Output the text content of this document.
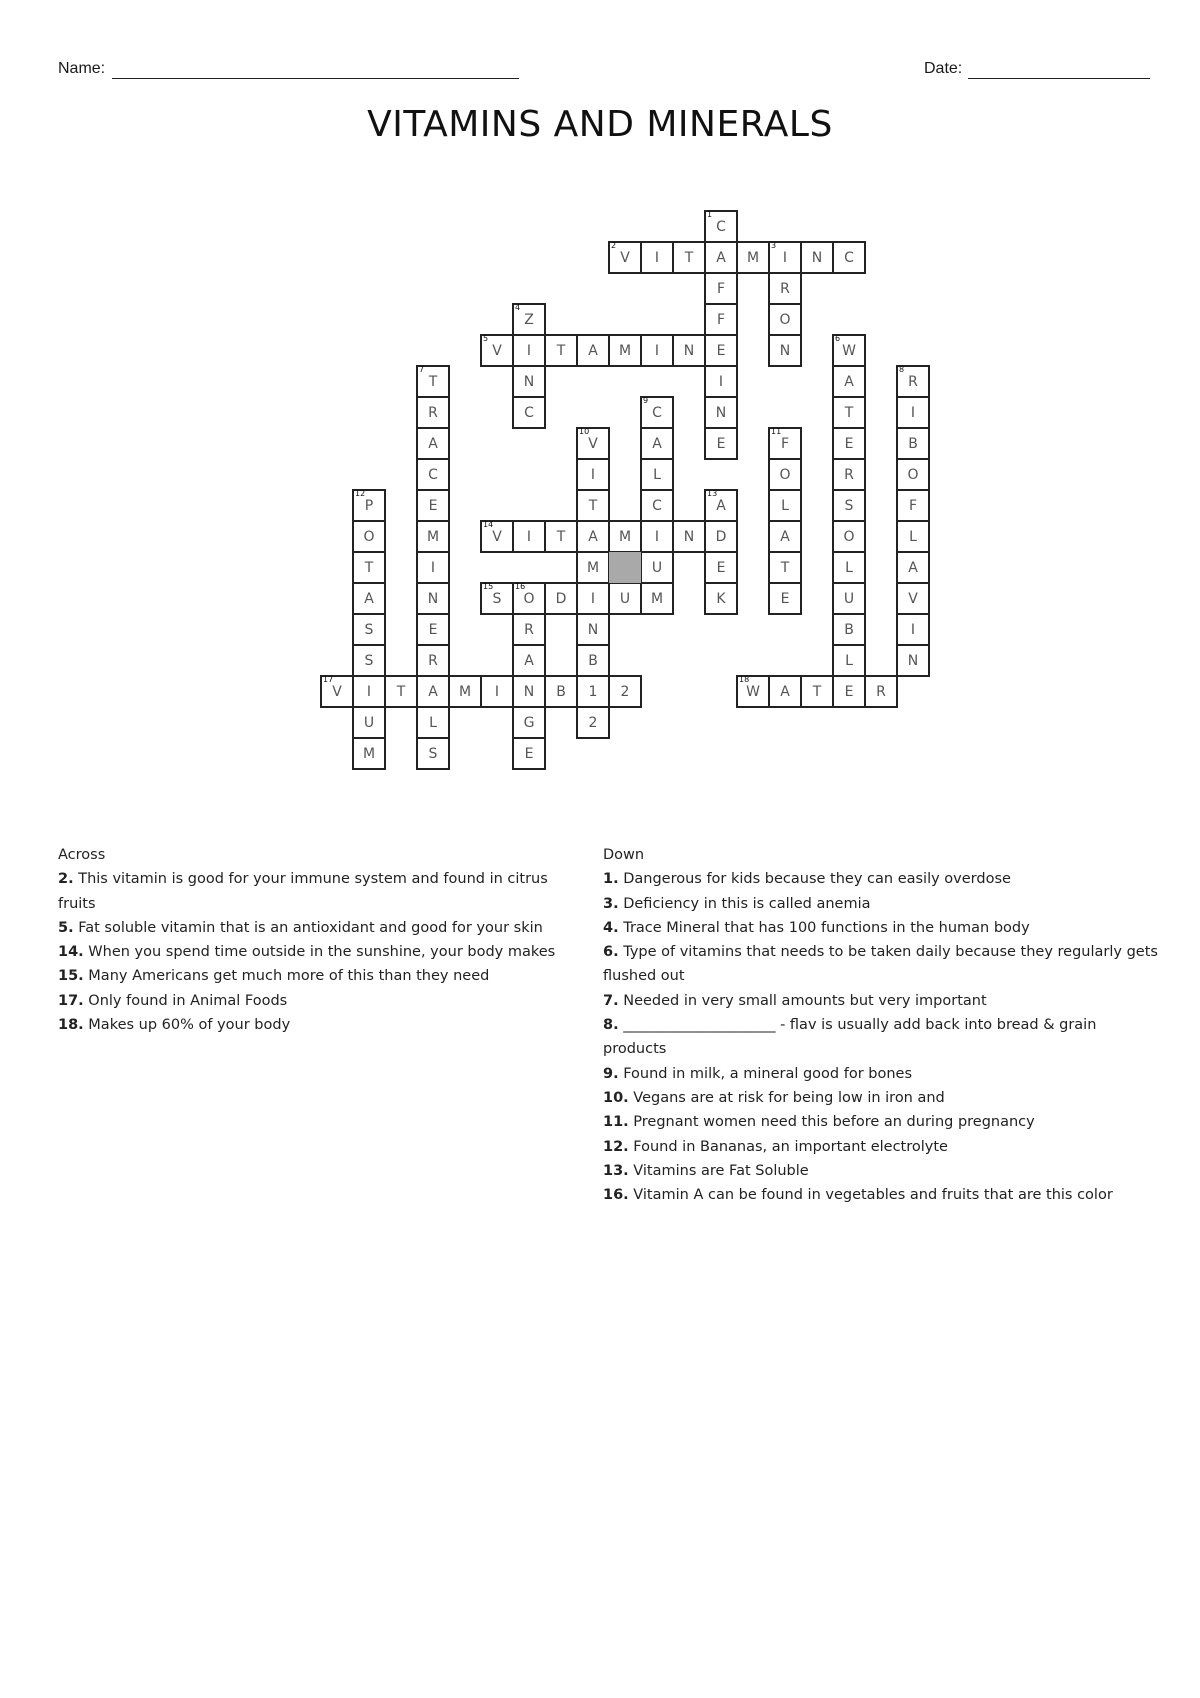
Name:	Date:
VITAMINS AND MINERALS
C
1
A
F
F
E
I
N
E
V
2
I T	M I
3
N C
R
O
N
Z
4
I
N
C
V
5
T A M I N	W
6
A
T
E
R
S
O
L
U
B
L
E
T
7
R
A
C
E
M
I
N
E
R
A
L
S
R
8
I
B
O
F
L
A
V
I
N
C
9
A
L
C
I
U
M
V
10
I
T
A
M
I
N
B
1
2
F
11
O
L
A
T
E
P
12
O
T
A
S
S
I
U
M
A
13
D
E
K
V
14
I T	M	N
S
15
O
16
D	U
R
A
N
G
E
V
17
T	M I	B	2	W
18
A T	R
Across
2. This vitamin is good for your immune system and found in citrus fruits
5. Fat soluble vitamin that is an antioxidant and good for your skin
14. When you spend time outside in the sunshine, your body makes
15. Many Americans get much more of this than they need
17. Only found in Animal Foods
18. Makes up 60% of your body
Down
1. Dangerous for kids because they can easily overdose
3. Deficiency in this is called anemia
4. Trace Mineral that has 100 functions in the human body
6. Type of vitamins that needs to be taken daily because they regularly gets flushed out
7. Needed in very small amounts but very important
8. _____________________ - flav is usually add back into bread & grain products
9. Found in milk, a mineral good for bones
10. Vegans are at risk for being low in iron and
11. Pregnant women need this before an during pregnancy
12. Found in Bananas, an important electrolyte
13. Vitamins are Fat Soluble
16. Vitamin A can be found in vegetables and fruits that are this color
